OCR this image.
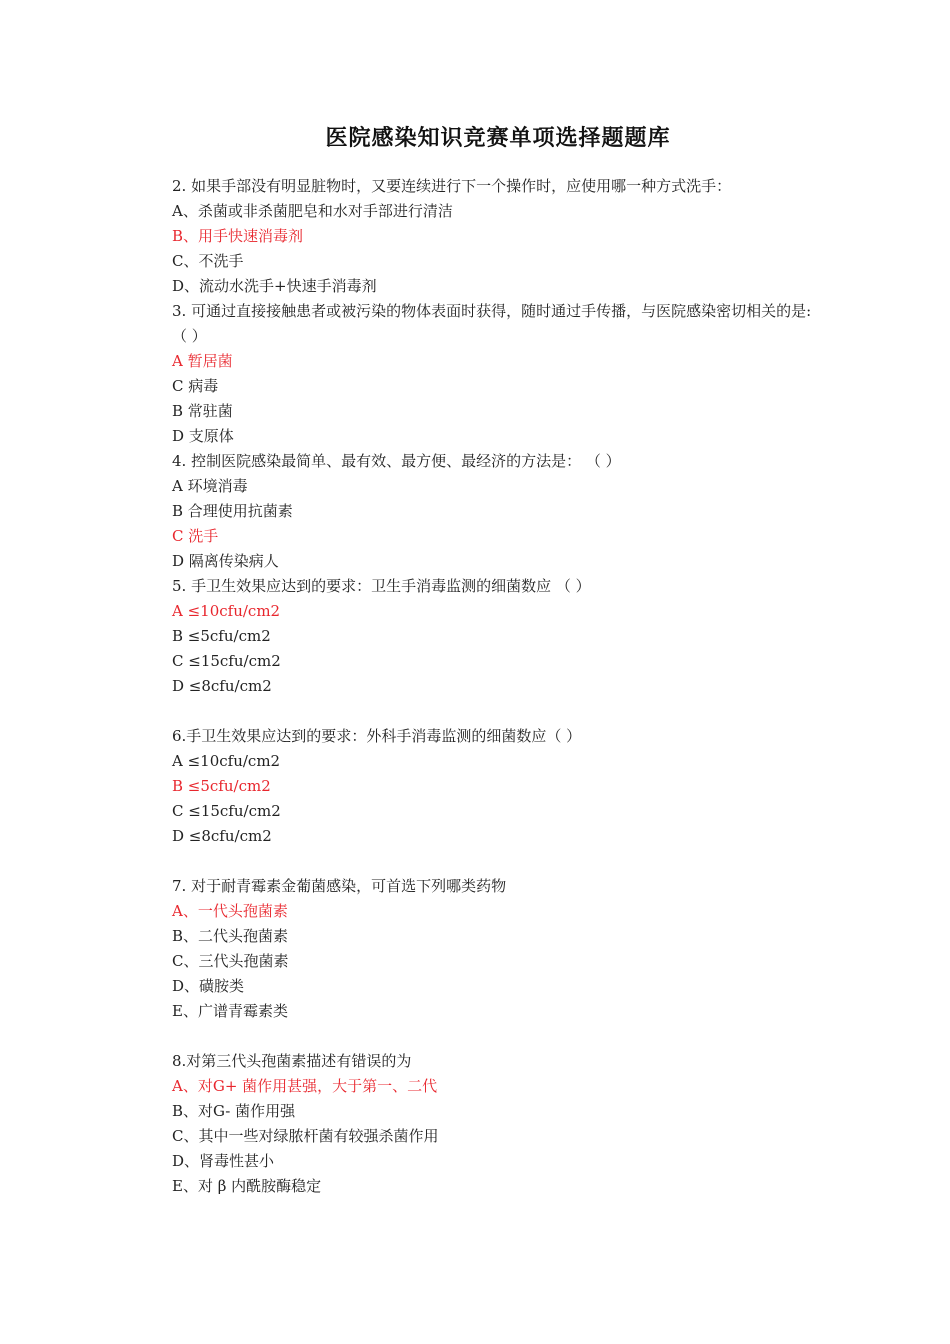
医院感染知识竞赛单项选择题题库
2. 如果手部没有明显脏物时，又要连续进行下一个操作时，应使用哪一种方式洗手：
A、杀菌或非杀菌肥皂和水对手部进行清洁
B、用手快速消毒剂
C、不洗手
D、流动水洗手+快速手消毒剂
3. 可通过直接接触患者或被污染的物体表面时获得，随时通过手传播，与医院感染密切相关的是:（ ）
A 暂居菌
C 病毒
B 常驻菌
D 支原体
4. 控制医院感染最简单、最有效、最方便、最经济的方法是： （ ）
A 环境消毒
B 合理使用抗菌素
C 洗手
D 隔离传染病人
5. 手卫生效果应达到的要求：卫生手消毒监测的细菌数应 （ ）
A ≤10cfu/cm2
B ≤5cfu/cm2
C ≤15cfu/cm2
D ≤8cfu/cm2
6.手卫生效果应达到的要求：外科手消毒监测的细菌数应（ ）
A ≤10cfu/cm2
B ≤5cfu/cm2
C ≤15cfu/cm2
D ≤8cfu/cm2
7. 对于耐青霉素金葡菌感染，可首选下列哪类药物
A、一代头孢菌素
B、二代头孢菌素
C、三代头孢菌素
D、磺胺类
E、广谱青霉素类
8.对第三代头孢菌素描述有错误的为
A、对G+ 菌作用甚强，大于第一、二代
B、对G- 菌作用强
C、其中一些对绿脓杆菌有较强杀菌作用
D、肾毒性甚小
E、对 β 内酰胺酶稳定
